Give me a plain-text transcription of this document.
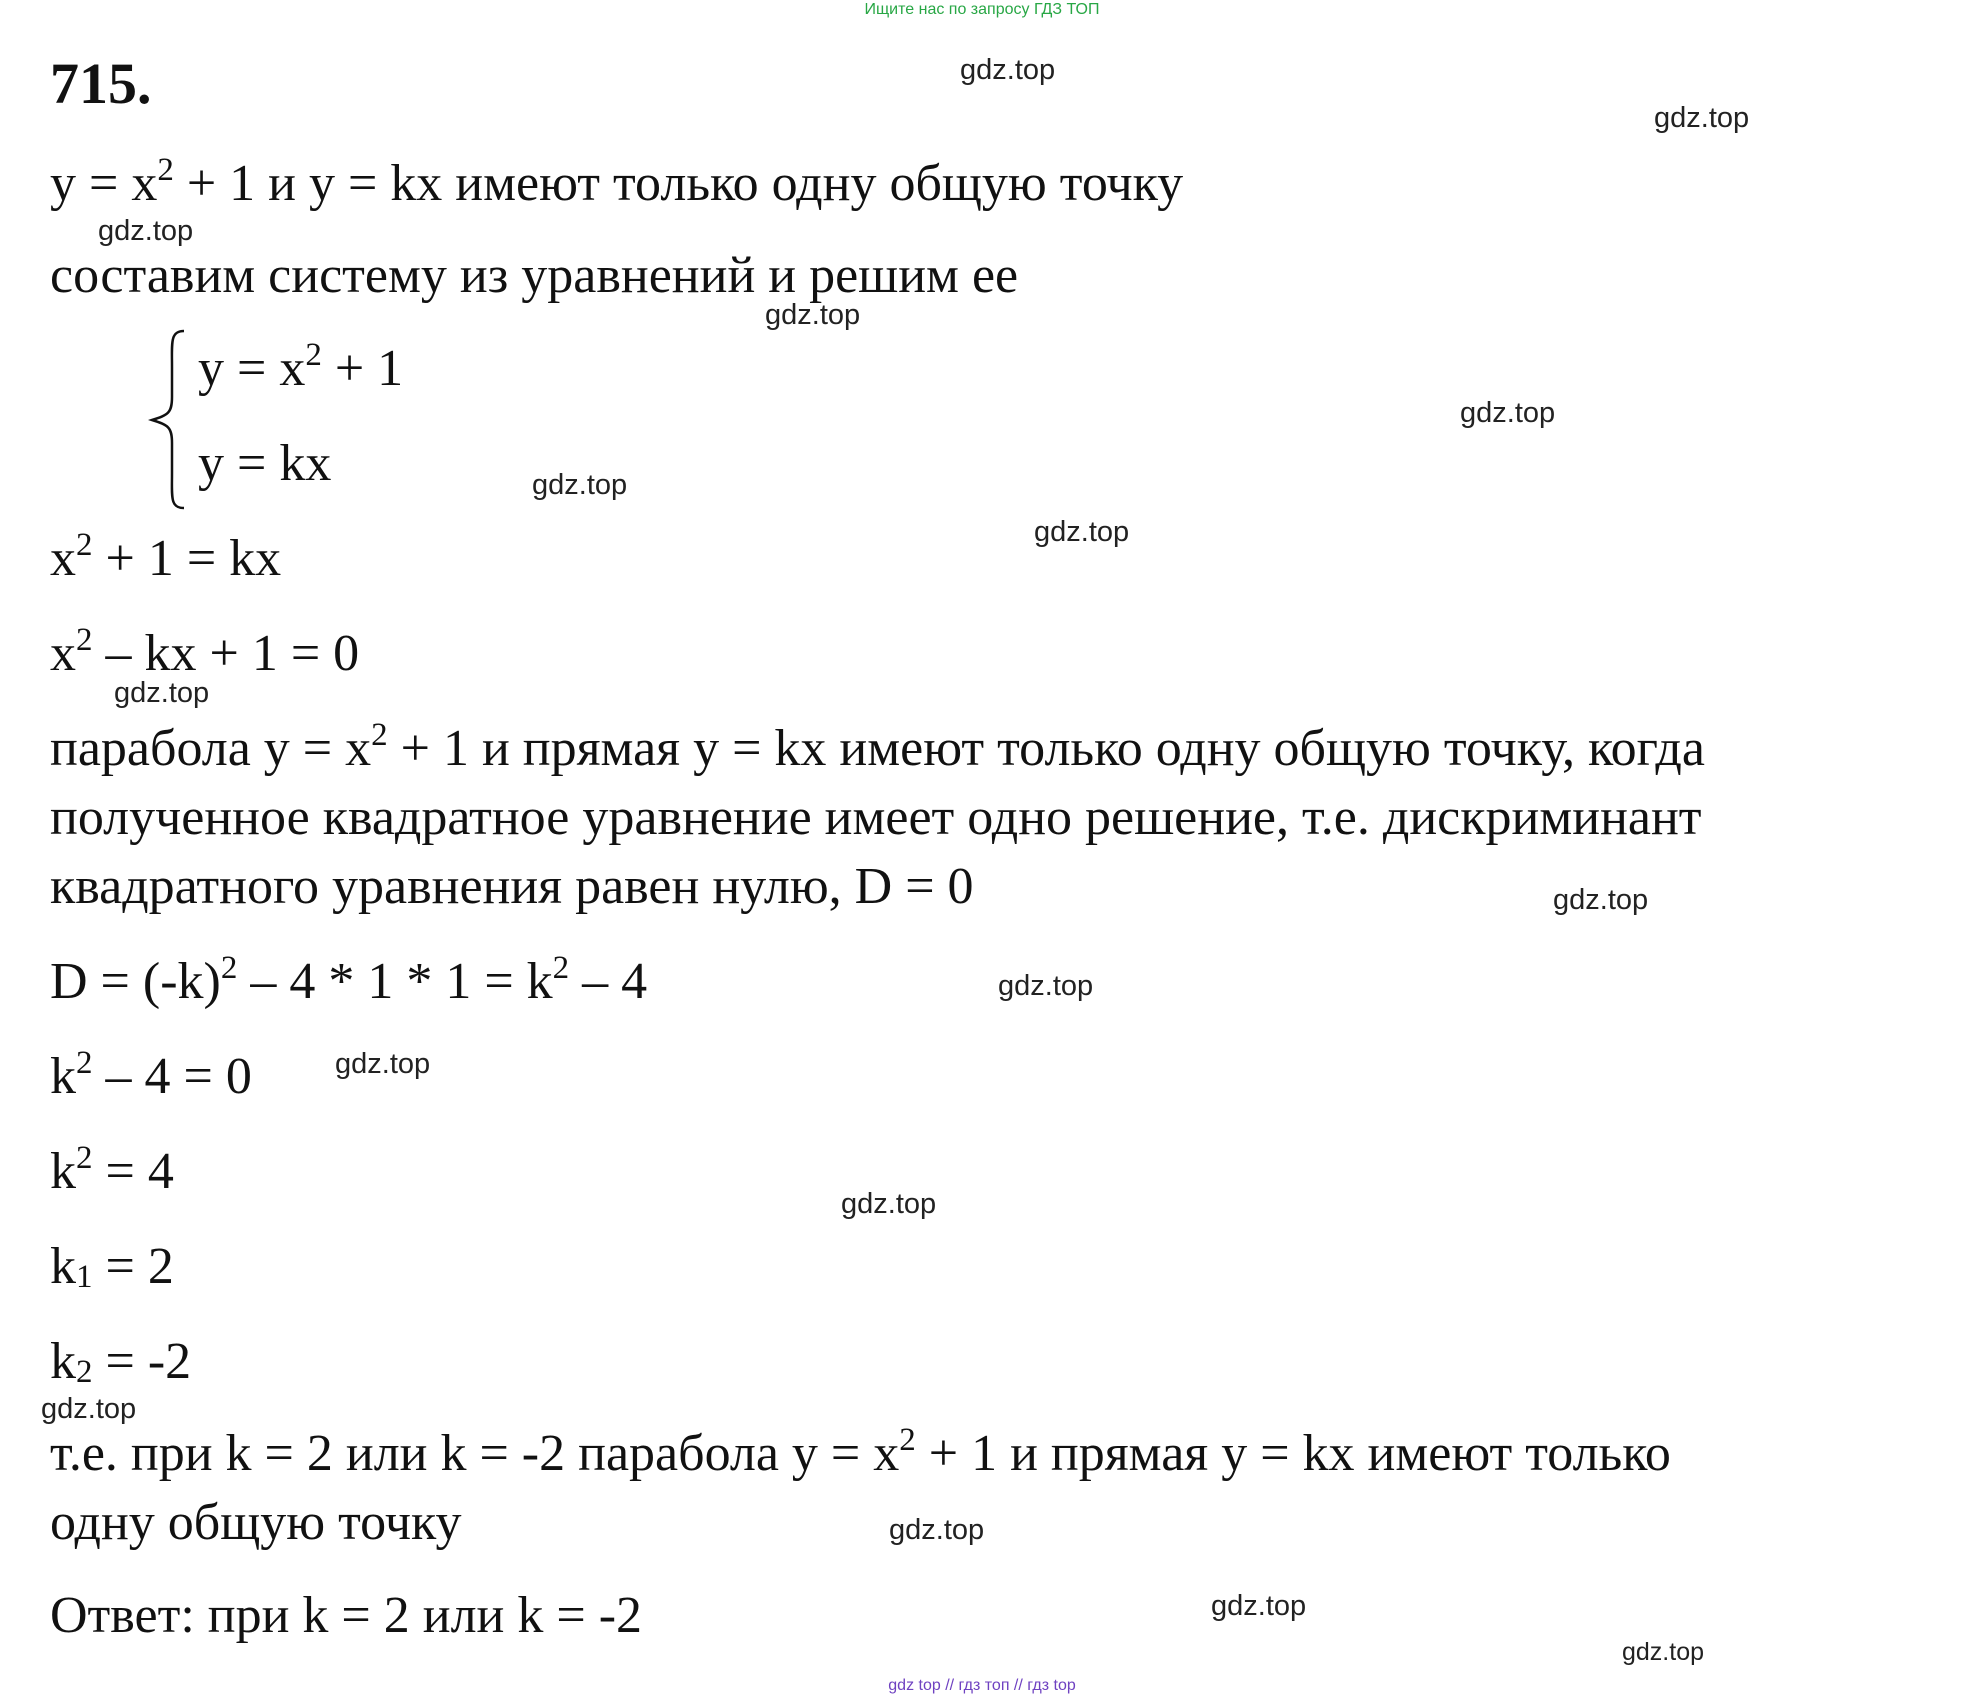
Ищите нас по запросу ГДЗ ТОП
715.
$y = x^2 + 1$ и y = kx имеют только одну общую точку
составим систему из уравнений и решим ее
$y = x^2 + 1$
y = kx
$x^2 + 1$ = kx
$x^2$ – kx + 1 = 0
парабола $y = x^2 + 1$ и прямая y = kx имеют только одну общую точку, когда
полученное квадратное уравнение имеет одно решение, т.е. дискриминант
квадратного уравнения равен нулю, D = 0
$D = (-k)^2 - 4 * 1 * 1 = k^2 - 4$
$k^2 - 4 = 0$
$k^2 = 4$
$k_1 = 2$
$k_2 = -2$
т.е. при k = 2 или k = -2 парабола $y = x^2 + 1$ и прямая y = kx имеют только
одну общую точку
Ответ: при k = 2 или k = -2
gdz.top
gdz.top
gdz.top
gdz.top
gdz.top
gdz.top
gdz.top
gdz.top
gdz.top
gdz.top
gdz.top
gdz.top
gdz.top
gdz.top
gdz.top
gdz.top
gdz top // гдз топ // гдз top
